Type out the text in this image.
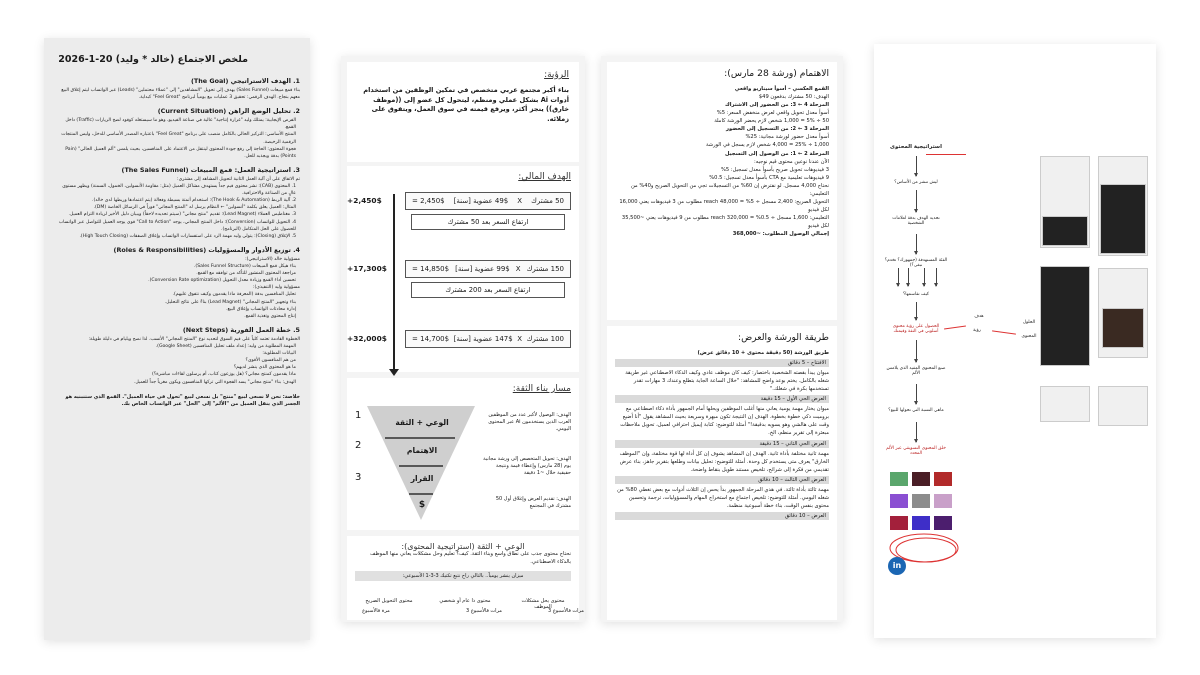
ملخص الاجتماع (خالد * وليد) 20-1-2026
1. الهدف الاستراتيجي (The Goal)

بناء قمع مبيعات (Sales Funnel) يهدف إلى تحويل "المشاهدين" إلى "عملاء محتملين" (Leads) عبر الواتساب ليتم إغلاق البيع معهم بنجاح. الهدف الرقمي: تحقيق 3 عمليات بيع يومياً لبرنامج "Feel Great" كبداية.

2. تحليل الوضع الراهن (Current Situation)
الفرص الإيجابية: يمتلك وليد "غزارة إنتاجية" عالية في صناعة الفيديو، وهو ما سيستغله كوقود لضخ الزيارات (Traffic) داخل القمع.
المنتج الأساسي: التركيز الحالي بالكامل منصب على برنامج "Feel Great" باعتباره المصدر الأساسي للدخل، وليس المنتجات الرقمية الرخيصة.
فجوة المحتوى: الحاجة إلى رفع جودة المحتوى لينتقل من الاعتماد على المنافسين، بحيث يلمس "ألم العميل الحالي" (Pain Points) بدقة ويجذبه للحل.
3. استراتيجية العمل: قمع المبيعات (The Sales Funnel)

تم الاتفاق على أن آلية العمل الثانية لتحويل المشاهد إلى مشتري:

1. المحتوى (CAB): نشر محتوى قيم جداً يستهدف مشاكل العميل (مثل: مقاومة الأنسولين، الخمول، السمنة) ويظهر مستوى عالٍ من الصناعة والاحترافية.
2. آلية الربط (The Hook & Automation): استخدام أتمتة بسيطة وفعالة (يتم اعتمادها وربطها لدى خالد).
المثال: العميل يعلق بكلمة "أنسولين" ← النظام يرسل له "المنتج المجاني" فوراً في الرسائل الخاصة (DM).
3. مغناطيس العملاء (Lead Magnet): تقديم "منتج مجاني" (سيتم تحديده لاحقاً) ويبيان دليل الأخير لزيادة التزام العميل.
4. التحويل للواتساب (Conversion): داخل المنتج المجاني، يوجد "Call to Action" قوي يوجه العميل للتواصل عبر الواتساب للحصول على الحل المتكامل (البرنامج).
5. الإغلاق (Closing): يتولى وليد مهمة الرد على استفسارات الواتساب وإغلاق الصفقات (High Touch Closing).
4. توزيع الأدوار والمسؤوليات (Roles & Responsibilities)

مسؤولية خالد (الاستراتيجي):

بناء هيكل قمع المبيعات (Sales Funnel Structure).
مراجعة المحتوى المنشور للتأكد من توافقه مع القمع.
تحسين أداء القمع وزيادة معدل التحويل (Conversion Rate optimization).

مسؤولية وليد (التنفيذي):

تحليل المنافسين بدقة (المعرفة ماذا يقدمون وكيف نتفوق عليهم).
بناء وتجهيز "المنتج المجاني" (Lead Magnet) بناءً على نتائج التحليل.
إدارة محادثات الواتساب وإغلاق البيع.
إنتاج المحتوى وتغذية القمع.
5. خطة العمل الفورية (Next Steps)

الخطوة القادمة تعتمد كلياً على قيم السوق لتحديد نوع "المنتج المجاني" الأنسب. لذا نصح ويليام في دليلة طويلة:

المهمة المطلوبة من وليد: إعداد ملف تحليل المنافسين (Google Sheet).
البيانات المطلوبة:
من هم المنافسون الأقوى؟
ما هو المحتوى الذي ينشر لديهم؟
ماذا يقدمون كمنتج مجاني؟ (هل يوزعون كتاب، أم يرسلون لقاءات مباشرة؟)
الهدف: بناء "منتج مجاني" يسد الفجوة التي تركها المنافسون ويكون مغرياً جداً للعميل.

خلاصة: نحن لا نسعى لبيع "منتج" بل نسعى لبيع "تحول في حياة العميل". القمع الذي ستنبنيه هو الجسر الذي ينقل العميل من "الألم" إلى "الحل" عبر الواتساب الخاص بك.

الرؤية:

بناء أكبر مجتمع عربي متخصص في تمكين الوظفين من استخدام أدوات Ai بشكل عملي ومنظم، ليتحول كل عضو إلى ((موظف خارق)) ينجز أكثر، ويرفع قيمته في سوق العمل، ويتفوق على زملائه.

الهدف المالي:
+2,450$	50 مشترك
X
49$ عضوية [سنة]
= 2,450$
ارتفاع السعر بعد 50 مشترك
+17,300$	150 مشترك
X
99$ عضوية [سنة]
= 14,850$
ارتفاع السعر بعد 200 مشترك
+32,000$	100 مشترك
X
147$ عضوية [سنة]
= 14,700$
مسار بناء الثقة:
1
2
3
الوعي + الثقة
الاهتمام
القرار
$
الهدف: الوصول لأكبر عدد من الموظفين العرب الذين يستخدمون Ai عبر المحتوى اليومي.
الهدف: تحويل المتخصص إلى ورشة مجانية يوم (28 مارس) وإعطاء قيمة ونتيجة حقيقية خلال ~1 دقيقة
الهدف: تقديم العرض وإغلاق أول 50 مشترك في المجتمع
الوعي + الثقة (استراتيجية المحتوى):

نحتاج محتوى جذب على نطاق واسع وبناء الثقة. كيف؟ تعليم وحل مشكلات يعاني منها الموظف بالذكاء الاصطناعي.

ميزان ينشر يومياً.. بالتالي راح نتبع تكتيك 3-3-1 الأسبوعي:
محتوى يحل مشكلات الموظف
محتوى ذا عام أو شخصي
محتوى التحويل الصريح
3 مرات فالأسبوع
3 مرات فالأسبوع
مرة فالأسبوع
الاهتمام (ورشة 28 مارس):

القمع العكسي – أسوأ سيناريو واقعي

الهدف: 50 مشترك بدفعون 49$

المرحلة 4 ← 3: من الحضور إلى الاشتراك

أسوأ معدل تحويل واقعي لعرض منخفض السعر: 5%

50 ÷ 5% = 1,000 شخص لازم يحضر الورشة كاملة

المرحلة 3 ← 2: من التسجيل إلى الحضور

أسوأ معدل حضور لورشة مجانية: 25%

1,000 ÷ 25% = 4,000 شخص لازم يسجل في الورشة

المرحلة 2 ← 1: من الوصول إلى التسجيل

الآن عندنا نوعين محتوى قيم نوجيه:

3 فيديوهات تحويل صريح بأسوأ معدل تسجيل: 5%

9 فيديوهات تعليمية مع CTA بأسوأ معدل تسجيل: 0.5%

نحتاج 4,000 مسجل. لو نفترض إن 60% من التسجيلات تجي من التحويل الصريح و40% من التعليمي:

التحويل الصريح: 2,400 مسجل ÷ 5% = 48,000 reach مطلوب من 3 فيديوهات يعني 16,000 لكل فيديو

التعليمي: 1,600 مسجل ÷ 0.5% = 320,000 reach مطلوب من 9 فيديوهات يعني ~35,500 لكل فيديو

إجمالي الوصول المطلوب: ~368,000

طريقة الورشة والعرض:

طريق الورشة (50 دقيقة محتوى + 10 دقائق عرض)

الافتتاح – 5 دقائق

ميوان يبدأ بقصته الشخصية باختصار: كيف كان موظف عادي وكيف الذكاء الاصطناعي غير طريقة شغله بالكامل. يختم بوعد واضح للمشاهد: "خلال الساعة الجاية بتطلع وعندك 3 مهارات تقدر تستخدمها بكرة في شغلك."

العرض الحي الأول – 15 دقيقة

ميوان يختار مهمة يومية يعاني منها أغلب الموظفين ويحلها أمام الجمهور بأداة ذكاء اصطناعي مع بروميت ذكي خطوة بخطوة. الهدف إن النتيجة تكون مبهرة وسريعة بحيث المشاهد يقول "أنا أضيع وقت على هالشي وهو يسويه بدقيقة!" أمثلة للتوضيح: كتابة إيميل احترافي لعميل، تحويل ملاحظات مبعثرة إلى تقرير منظم، الخ.

العرض الحي الثاني – 15 دقيقة

مهمة ثانية مختلفة بأداة ثانية. الهدف إن المشاهد يشوف إن كل أداة لها قوة مختلفة، وإن "الموظف الخارق" يعرف متى يستخدم كل وحدة. أمثلة للتوضيح: تحليل بيانات وطلعها بتقرير جاهز، بناء عرض تقديمي من فكرة إلى شرائح، تلخيص مستند طويل بنقاط واضحة.

العرض الحي الثالث – 10 دقائق

مهمة ثالثة بأداة ثالثة. في هذي المرحلة الجمهور بدأ يحس إن الثلاث أدوات مع بعض تغطي 80% من شغله اليومي. أمثلة للتوضيح: تلخيص اجتماع مع استخراج المهام والمسؤوليات، ترجمة وتحسين محتوى بنفس الوقت، بناء خطة أسبوعية منظمة.

العرض – 10 دقائق
استراتيجية المحتوى
ليش تنشر من الأساس؟
تحديد الهدف بدقة لعلامات الشخصية
الفئة المستهدفة (جمهورك؟ تخدم؟ نبغى؟)
كيف تقاسمها؟
الحصول على رؤية محتوى أسلوبي في الثقة وقيمتك
صنع المحتوى المفيد الذي يلامس الألم
ماهي النسبة التي تحولها للبيع؟
خلق المحتوى التسويقي عبر الألم المحدد
هدف
رؤية
الحلول
المحتوى
in
